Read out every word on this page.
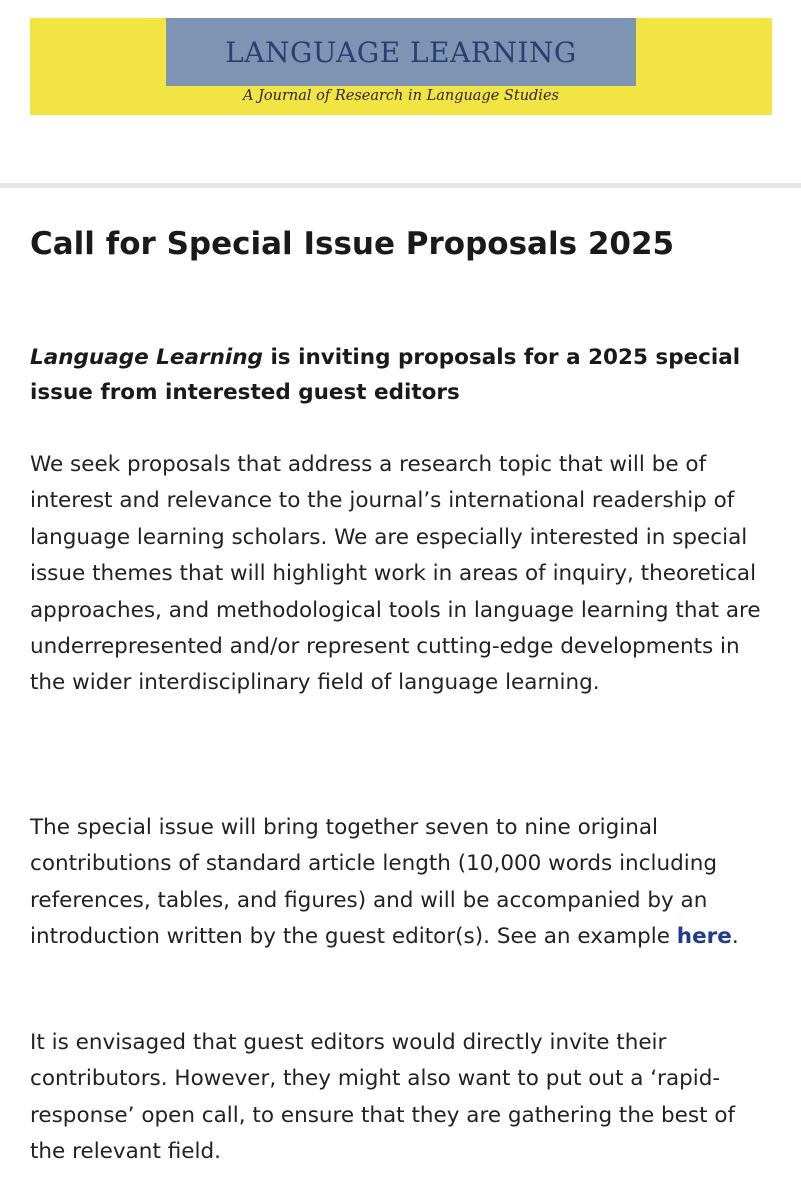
LANGUAGE LEARNING
A Journal of Research in Language Studies
Call for Special Issue Proposals 2025

Language Learning is inviting proposals for a 2025 special issue from interested guest editors

We seek proposals that address a research topic that will be of interest and relevance to the journal’s international readership of language learning scholars. We are especially interested in special issue themes that will highlight work in areas of inquiry, theoretical approaches, and methodological tools in language learning that are underrepresented and/or represent cutting-edge developments in the wider interdisciplinary field of language learning.

The special issue will bring together seven to nine original contributions of standard article length (10,000 words including references, tables, and figures) and will be accompanied by an introduction written by the guest editor(s). See an example here.

It is envisaged that guest editors would directly invite their contributors. However, they might also want to put out a ‘rapid-response’ open call, to ensure that they are gathering the best of the relevant field.
